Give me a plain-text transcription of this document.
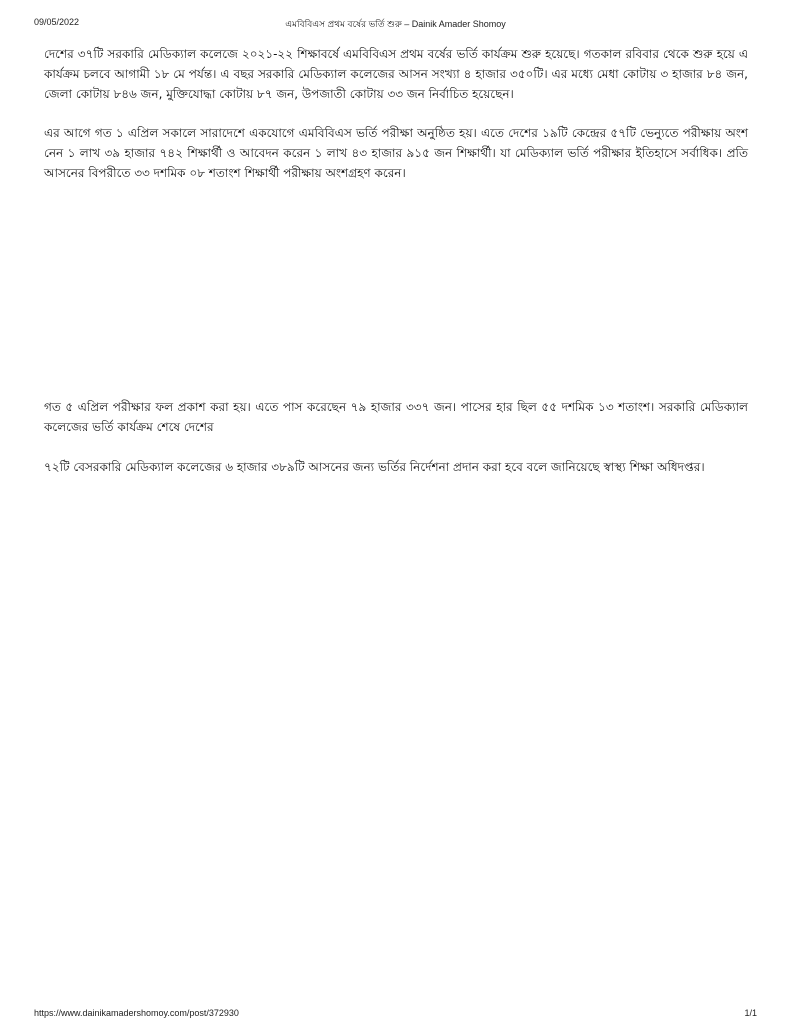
09/05/2022	এমবিবিএস প্রথম বর্ষের ভর্তি শুরু – Dainik Amader Shomoy

দেশের ৩৭টি সরকারি মেডিক্যাল কলেজে ২০২১-২২ শিক্ষাবর্ষে এমবিবিএস প্রথম বর্ষের ভর্তি কার্যক্রম শুরু হয়েছে। গতকাল রবিবার থেকে শুরু হয়ে এ কার্যক্রম চলবে আগামী ১৮ মে পর্যন্ত। এ বছর সরকারি মেডিক্যাল কলেজের আসন সংখ্যা ৪ হাজার ৩৫০টি। এর মধ্যে মেধা কোটায় ৩ হাজার ৮৪ জন, জেলা কোটায় ৮৪৬ জন, মুক্তিযোদ্ধা কোটায় ৮৭ জন, উপজাতী কোটায় ৩৩ জন নির্বাচিত হয়েছেন।

এর আগে গত ১ এপ্রিল সকালে সারাদেশে একযোগে এমবিবিএস ভর্তি পরীক্ষা অনুষ্ঠিত হয়। এতে দেশের ১৯টি কেন্দ্রের ৫৭টি ভেন্যুতে পরীক্ষায় অংশ নেন ১ লাখ ৩৯ হাজার ৭৪২ শিক্ষার্থী ও আবেদন করেন ১ লাখ ৪৩ হাজার ৯১৫ জন শিক্ষার্থী। যা মেডিক্যাল ভর্তি পরীক্ষার ইতিহাসে সর্বাধিক। প্রতি আসনের বিপরীতে ৩৩ দশমিক ০৮ শতাংশ শিক্ষার্থী পরীক্ষায় অংশগ্রহণ করেন।

গত ৫ এপ্রিল পরীক্ষার ফল প্রকাশ করা হয়। এতে পাস করেছেন ৭৯ হাজার ৩৩৭ জন। পাসের হার ছিল ৫৫ দশমিক ১৩ শতাংশ। সরকারি মেডিক্যাল কলেজের ভর্তি কার্যক্রম শেষে দেশের

৭২টি বেসরকারি মেডিক্যাল কলেজের ৬ হাজার ৩৮৯টি আসনের জন্য ভর্তির নির্দেশনা প্রদান করা হবে বলে জানিয়েছে স্বাস্থ্য শিক্ষা অধিদপ্তর।

https://www.dainikamadershomoy.com/post/372930	1/1
